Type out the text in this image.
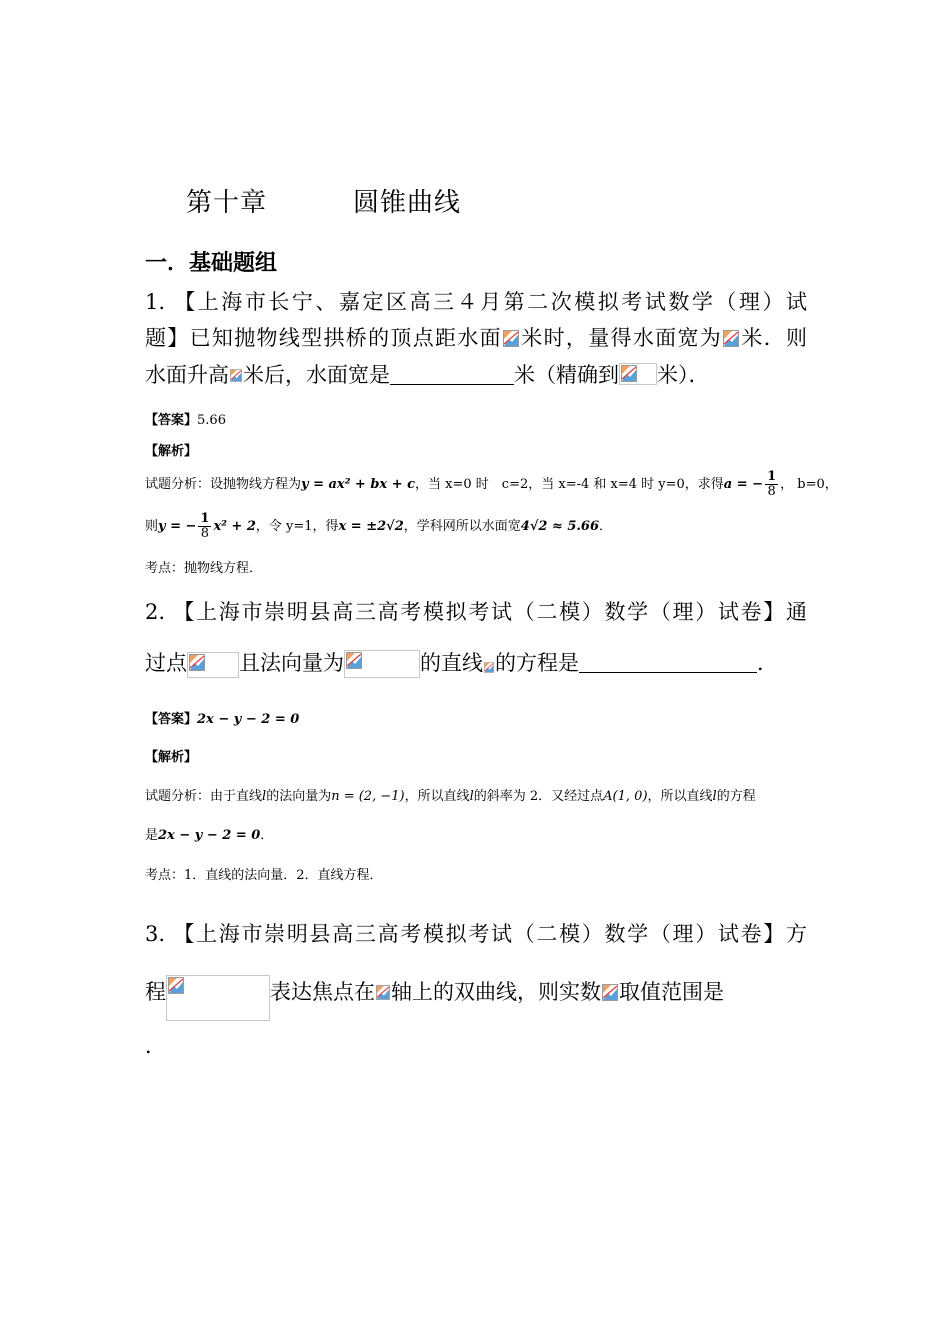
第十章	圆锥曲线
一．基础题组
1. 【上海市长宁、嘉定区高三４月第二次模拟考试数学（理）试
题】已知抛物线型拱桥的顶点距水面 米时，量得水面宽为 米．则
水面升高 米后，水面宽是	米（精确到 米）．
【答案】5.66
【解析】
试题分析：设抛物线方程为y = ax² + bx + c，当 x=0 时　c=2，当 x=-4 和 x=4 时 y=0，求得a = − $\frac{1}{8}$ ， b=0，
则y = − $\frac{1}{8} x^2 + 2$，令 y=1，得x = ±2√2，学科网所以水面宽4√2 ≈ 5.66．
考点：抛物线方程．
2. 【上海市崇明县高三高考模拟考试（二模）数学（理）试卷】通
过点 且法向量为	的直线 的方程是	．
【答案】2x − y − 2 = 0
【解析】
试题分析：由于直线l的法向量为n = (2, −1)，所以直线l的斜率为 2．又经过点A(1, 0)，所以直线l的方程
是2x − y − 2 = 0．
考点：1．直线的法向量．2．直线方程．
3. 【上海市崇明县高三高考模拟考试（二模）数学（理）试卷】方
程	表达焦点在 轴上的双曲线，则实数 取值范围是
．
